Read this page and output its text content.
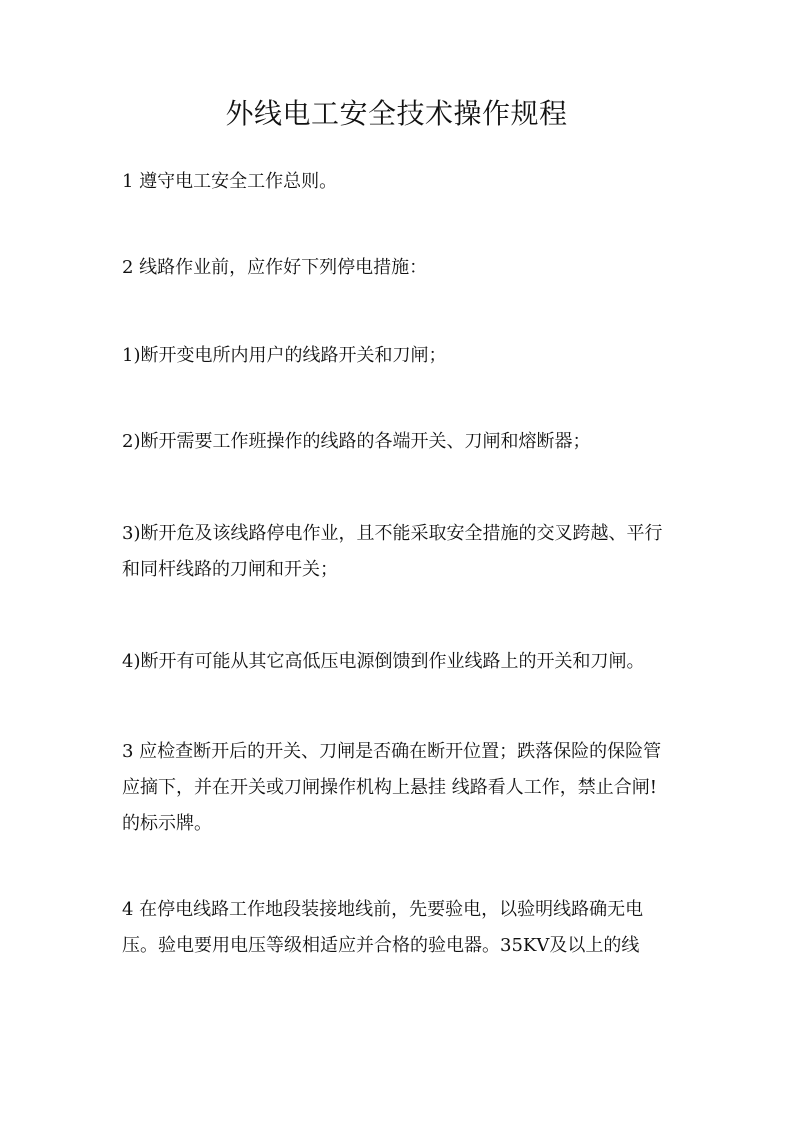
外线电工安全技术操作规程

1 遵守电工安全工作总则。

2 线路作业前，应作好下列停电措施：

1)断开变电所内用户的线路开关和刀闸；

2)断开需要工作班操作的线路的各端开关、刀闸和熔断器；

3)断开危及该线路停电作业，且不能采取安全措施的交叉跨越、平行和同杆线路的刀闸和开关；

4)断开有可能从其它高低压电源倒馈到作业线路上的开关和刀闸。

3 应检查断开后的开关、刀闸是否确在断开位置；跌落保险的保险管应摘下，并在开关或刀闸操作机构上悬挂 线路看人工作，禁止合闸! 的标示牌。

4 在停电线路工作地段装接地线前，先要验电，以验明线路确无电压。验电要用电压等级相适应并合格的验电器。35KV及以上的线
